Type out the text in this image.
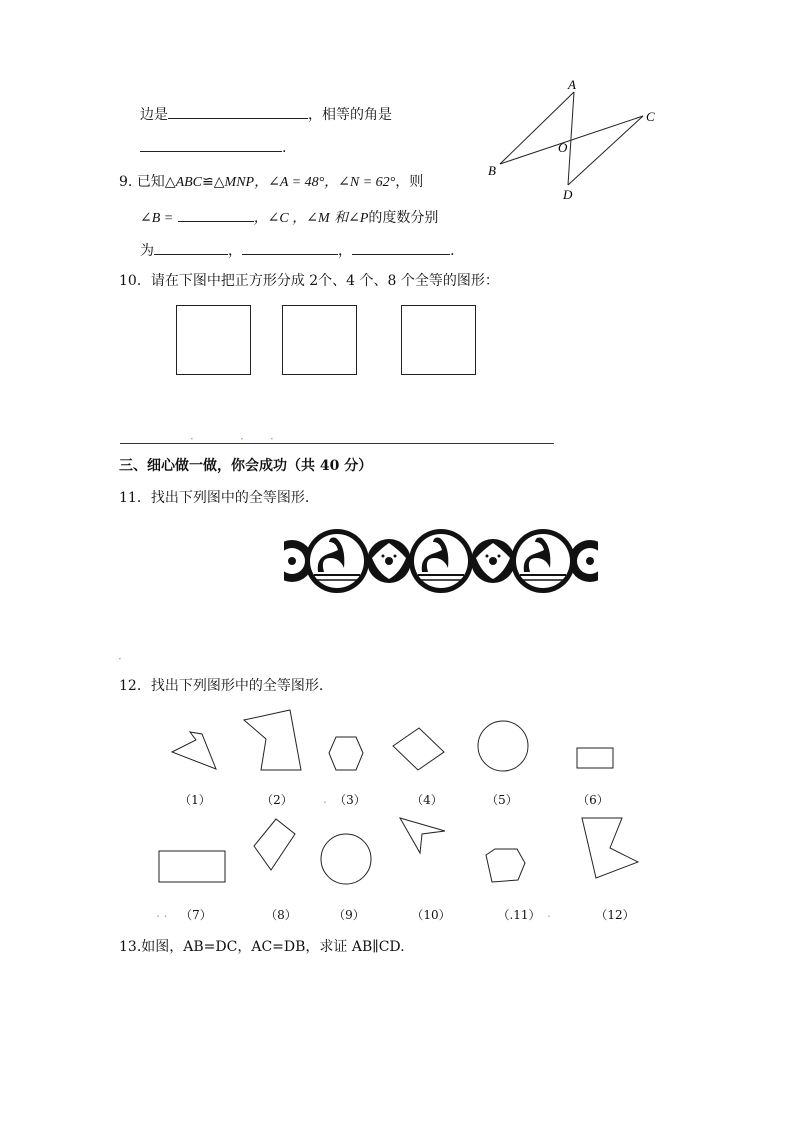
边是	，相等的角是
.
A
B
C
D
O
9. 已知△ABC≌△MNP，∠A = 48°，∠N = 62°，则
∠B =	，∠C ，∠M 和∠P的度数分别
为	，	，	.
10．请在下图中把正方形分成 2个、4 个、8 个全等的图形：
·	· ·
三、细心做一做，你会成功（共 40 分）
11．找出下列图中的全等图形.
·
12．找出下列图形中的全等图形.
（1）	（2）	（3）	（4）	（5）	（6）
.
. .	.
（7）	（8）	（9）	（10）	（.11）	（12）
13.如图，AB=DC，AC=DB，求证 AB∥CD.
